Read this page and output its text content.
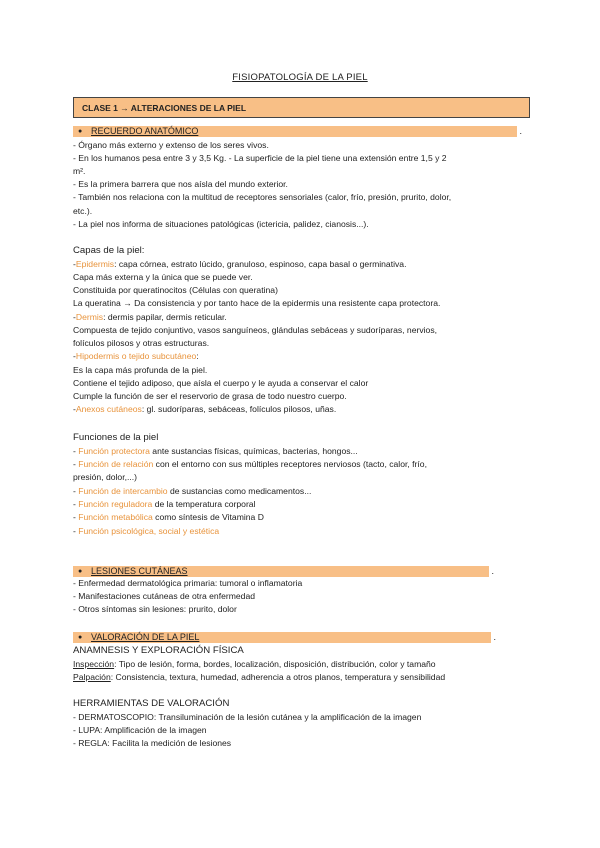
FISIOPATOLOGÍA DE LA PIEL
CLASE 1 → ALTERACIONES DE LA PIEL
● RECUERDO ANATÓMICO	.
- Órgano más externo y extenso de los seres vivos.
- En los humanos pesa entre 3 y 3,5 Kg. - La superficie de la piel tiene una extensión entre 1,5 y 2
m².
- Es la primera barrera que nos aísla del mundo exterior.
- También nos relaciona con la multitud de receptores sensoriales (calor, frío, presión, prurito, dolor,
etc.).
- La piel nos informa de situaciones patológicas (ictericia, palidez, cianosis...).
Capas de la piel:
-Epidermis: capa córnea, estrato lúcido, granuloso, espinoso, capa basal o germinativa.
Capa más externa y la única que se puede ver.
Constituida por queratinocitos (Células con queratina)
La queratina → Da consistencia y por tanto hace de la epidermis una resistente capa protectora.
-Dermis: dermis papilar, dermis reticular.
Compuesta de tejido conjuntivo, vasos sanguíneos, glándulas sebáceas y sudoríparas, nervios,
folículos pilosos y otras estructuras.
-Hipodermis o tejido subcutáneo:
Es la capa más profunda de la piel.
Contiene el tejido adiposo, que aísla el cuerpo y le ayuda a conservar el calor
Cumple la función de ser el reservorio de grasa de todo nuestro cuerpo.
-Anexos cutáneos: gl. sudoríparas, sebáceas, folículos pilosos, uñas.
Funciones de la piel
- Función protectora ante sustancias físicas, químicas, bacterias, hongos...
- Función de relación con el entorno con sus múltiples receptores nerviosos (tacto, calor, frío,
presión, dolor,...)
- Función de intercambio de sustancias como medicamentos...
- Función reguladora de la temperatura corporal
- Función metabólica como síntesis de Vitamina D
- Función psicológica, social y estética
● LESIONES CUTÁNEAS	.
- Enfermedad dermatológica primaria: tumoral o inflamatoria
- Manifestaciones cutáneas de otra enfermedad
- Otros síntomas sin lesiones: prurito, dolor
● VALORACIÓN DE LA PIEL	.
ANAMNESIS Y EXPLORACIÓN FÍSICA
Inspección: Tipo de lesión, forma, bordes, localización, disposición, distribución, color y tamaño
Palpación: Consistencia, textura, humedad, adherencia a otros planos, temperatura y sensibilidad
HERRAMIENTAS DE VALORACIÓN
- DERMATOSCOPIO: Transiluminación de la lesión cutánea y la amplificación de la imagen
- LUPA: Amplificación de la imagen
- REGLA: Facilita la medición de lesiones
